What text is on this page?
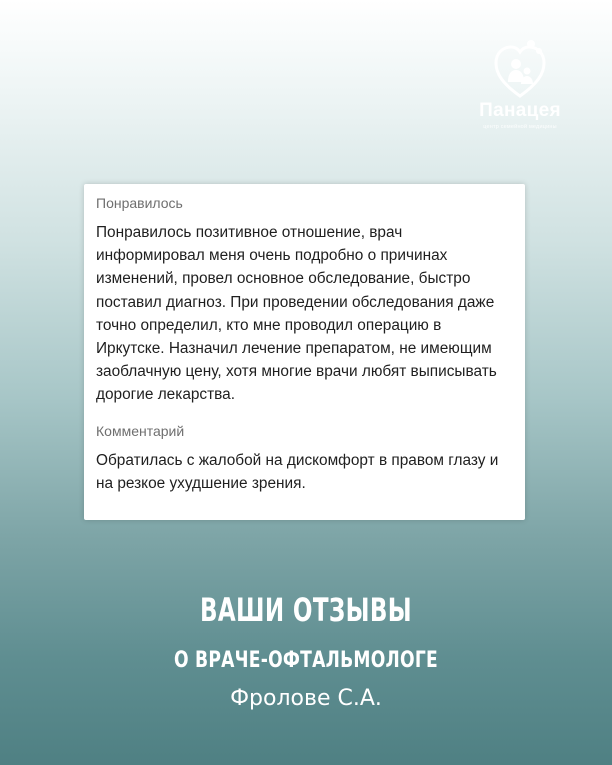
Панацея
центр семейной медицины

Понравилось

Понравилось позитивное отношение, врач информировал меня очень подробно о причинах изменений, провел основное обследование, быстро поставил диагноз. При проведении обследования даже точно определил, кто мне проводил операцию в Иркутске. Назначил лечение препаратом, не имеющим заоблачную цену, хотя многие врачи любят выписывать дорогие лекарства.

Комментарий

Обратилась с жалобой на дискомфорт в правом глазу и на резкое ухудшение зрения.

ВАШИ ОТЗЫВЫ
О ВРАЧЕ-ОФТАЛЬМОЛОГЕ
Фролове С.А.
